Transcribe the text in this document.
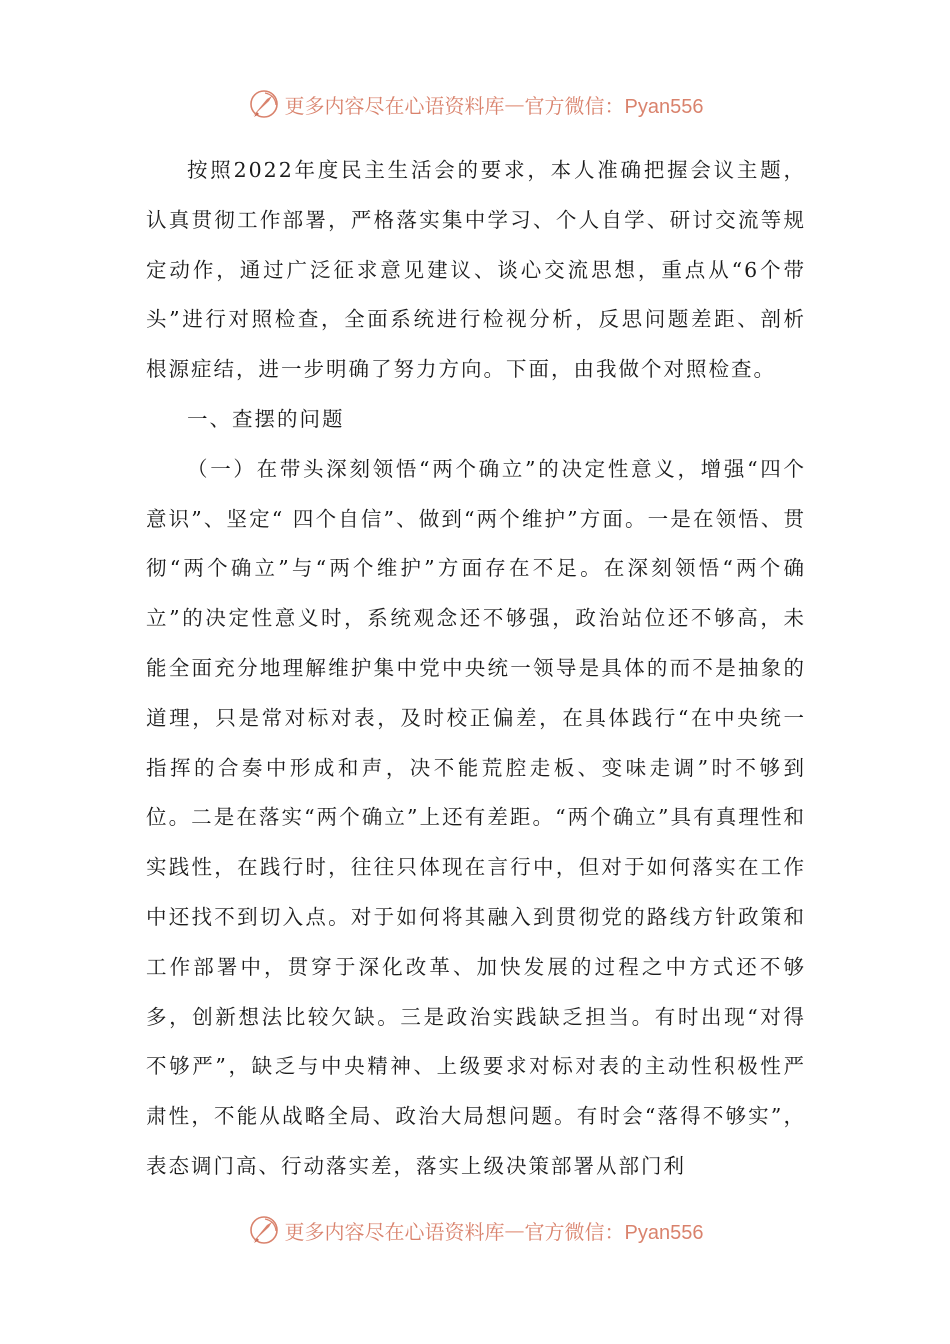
更多内容尽在心语资料库 — 官方微信：Pyan556

按照2022年度民主生活会的要求，本人准确把握会议主题，认真贯彻工作部署，严格落实集中学习、个人自学、研讨交流等规定动作，通过广泛征求意见建议、谈心交流思想，重点从“6个带头”进行对照检查，全面系统进行检视分析，反思问题差距、剖析根源症结，进一步明确了努力方向。下面，由我做个对照检查。

一、查摆的问题

（一）在带头深刻领悟“两个确立”的决定性意义，增强“四个意识”、坚定“ 四个自信”、做到“两个维护”方面。一是在领悟、贯彻“两个确立”与“两个维护”方面存在不足。在深刻领悟“两个确立”的决定性意义时，系统观念还不够强，政治站位还不够高，未能全面充分地理解维护集中党中央统一领导是具体的而不是抽象的道理，只是常对标对表，及时校正偏差，在具体践行“在中央统一指挥的合奏中形成和声，决不能荒腔走板、变味走调”时不够到位。二是在落实“两个确立”上还有差距。“两个确立”具有真理性和实践性，在践行时，往往只体现在言行中，但对于如何落实在工作中还找不到切入点。对于如何将其融入到贯彻党的路线方针政策和工作部署中，贯穿于深化改革、加快发展的过程之中方式还不够多，创新想法比较欠缺。三是政治实践缺乏担当。有时出现“对得不够严”，缺乏与中央精神、上级要求对标对表的主动性积极性严肃性，不能从战略全局、政治大局想问题。有时会“落得不够实”，表态调门高、行动落实差，落实上级决策部署从部门利

更多内容尽在心语资料库 — 官方微信：Pyan556
